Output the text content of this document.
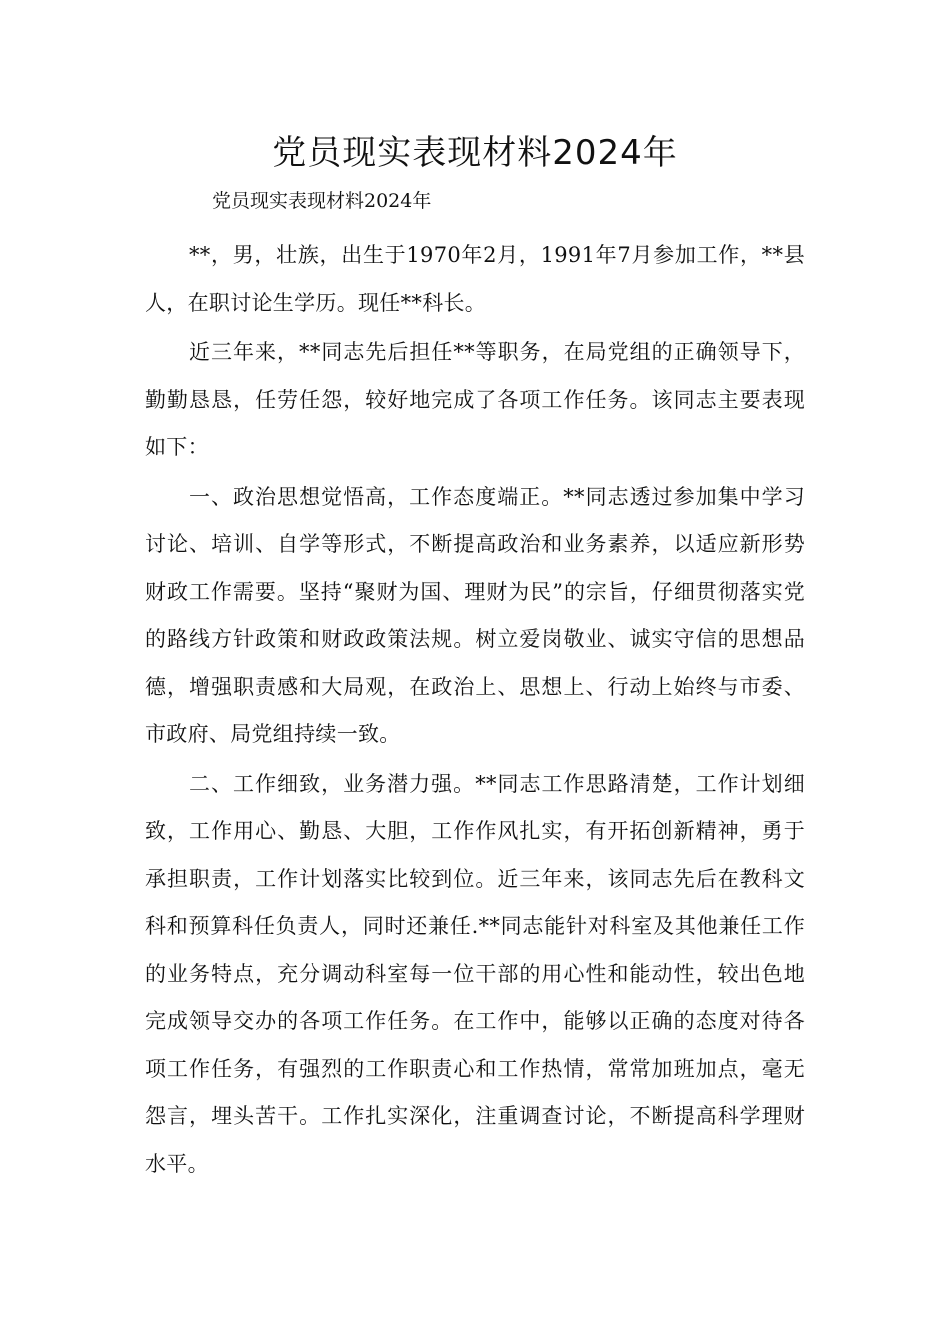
党员现实表现材料2024年

党员现实表现材料2024年

**，男，壮族，出生于1970年2月，1991年7月参加工作，**县人，在职讨论生学历。现任**科长。

近三年来，**同志先后担任**等职务，在局党组的正确领导下，勤勤恳恳，任劳任怨，较好地完成了各项工作任务。该同志主要表现如下：

一、政治思想觉悟高，工作态度端正。**同志透过参加集中学习讨论、培训、自学等形式，不断提高政治和业务素养，以适应新形势财政工作需要。坚持“聚财为国、理财为民”的宗旨，仔细贯彻落实党的路线方针政策和财政政策法规。树立爱岗敬业、诚实守信的思想品德，增强职责感和大局观，在政治上、思想上、行动上始终与市委、市政府、局党组持续一致。

二、工作细致，业务潜力强。**同志工作思路清楚，工作计划细致，工作用心、勤恳、大胆，工作作风扎实，有开拓创新精神，勇于承担职责，工作计划落实比较到位。近三年来，该同志先后在教科文科和预算科任负责人，同时还兼任.**同志能针对科室及其他兼任工作的业务特点，充分调动科室每一位干部的用心性和能动性，较出色地完成领导交办的各项工作任务。在工作中，能够以正确的态度对待各项工作任务，有强烈的工作职责心和工作热情，常常加班加点，毫无怨言，埋头苦干。工作扎实深化，注重调查讨论，不断提高科学理财水平。
